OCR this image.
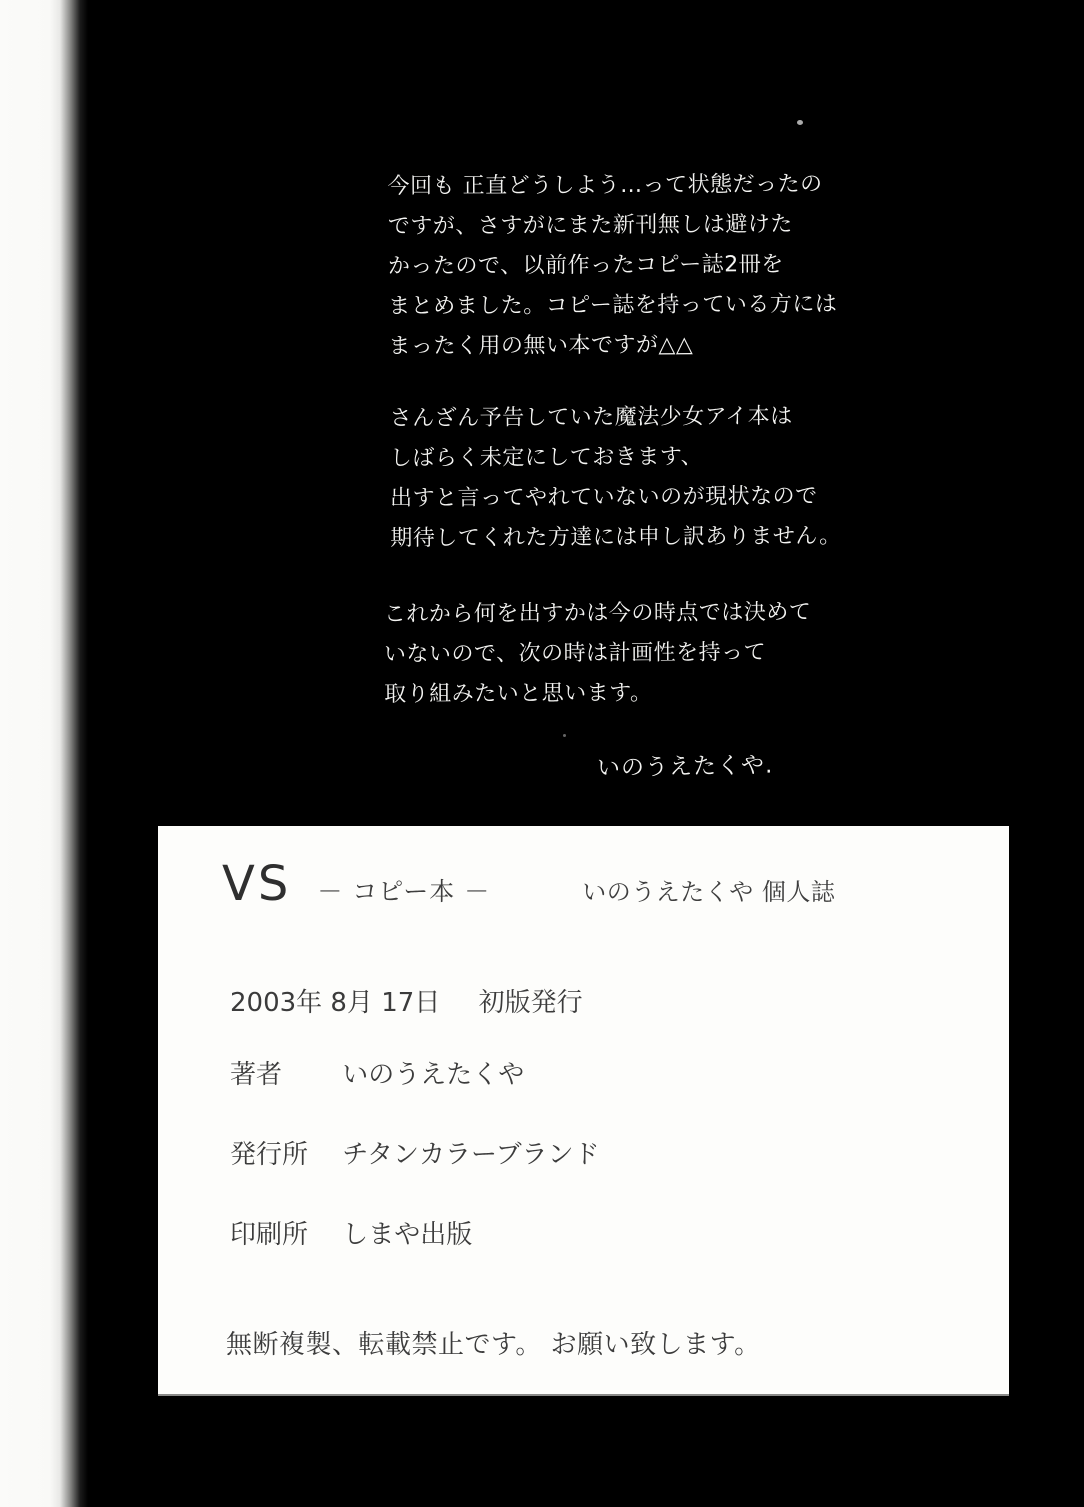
今回も 正直どうしよう…って状態だったの
ですが、さすがにまた新刊無しは避けた
かったので、以前作ったコピー誌2冊を
まとめました。コピー誌を持っている方には
まったく用の無い本ですが△△
さんざん予告していた魔法少女アイ本は
しばらく未定にしておきます、
出すと言ってやれていないのが現状なので
期待してくれた方達には申し訳ありません。
これから何を出すかは今の時点では決めて
いないので、次の時は計画性を持って
取り組みたいと思います。
いのうえたくや.
VS － コピー本 －	いのうえたくや 個人誌
2003年 8月 17日 初版発行
著者 いのうえたくや
発行所 チタンカラーブランド
印刷所 しまや出版
無断複製、転載禁止です。 お願い致します。
